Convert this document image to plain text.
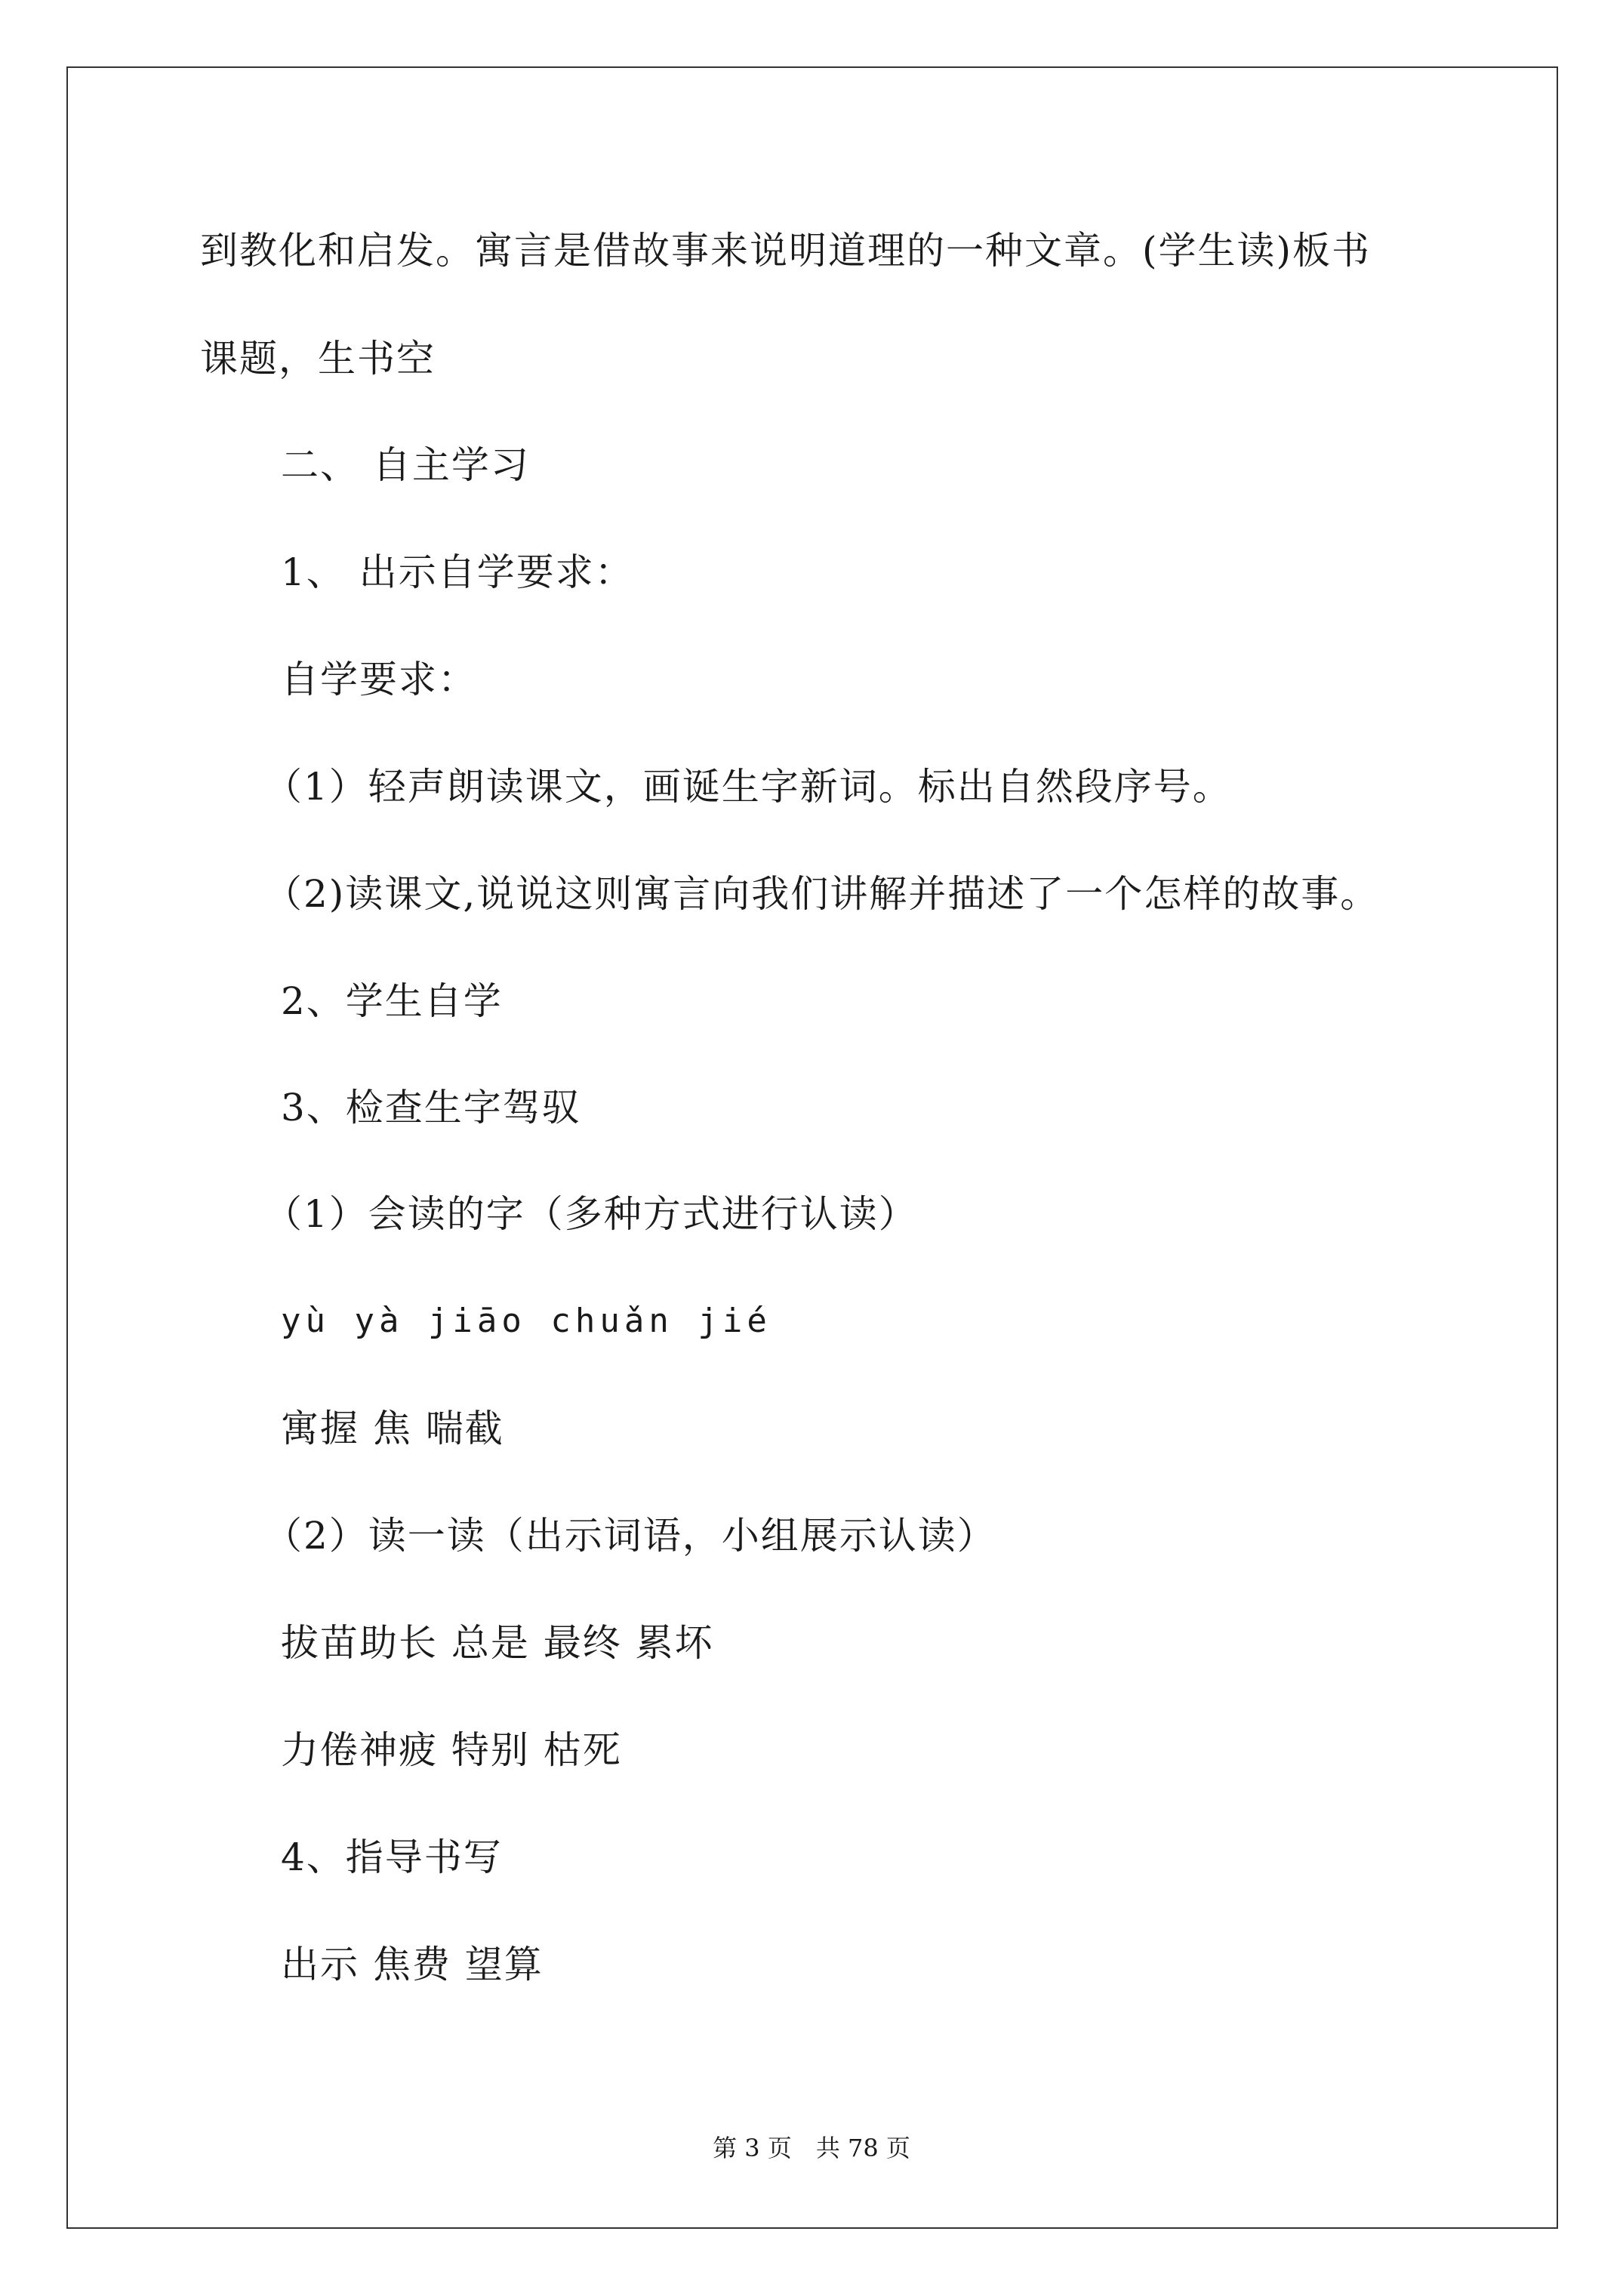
到教化和启发。寓言是借故事来说明道理的一种文章。(学生读)板书
课题，生书空
二、 自主学习
1、 出示自学要求：
自学要求：
（1）轻声朗读课文，画诞生字新词。标出自然段序号。
（2)读课文,说说这则寓言向我们讲解并描述了一个怎样的故事。
2、学生自学
3、检查生字驾驭
（1）会读的字（多种方式进行认读）
yù yà jiāo chuǎn jié
寓握 焦 喘截
（2）读一读（出示词语，小组展示认读）
拔苗助长 总是 最终 累坏
力倦神疲 特别 枯死
4、指导书写
出示 焦费 望算
第 3 页　共 78 页
